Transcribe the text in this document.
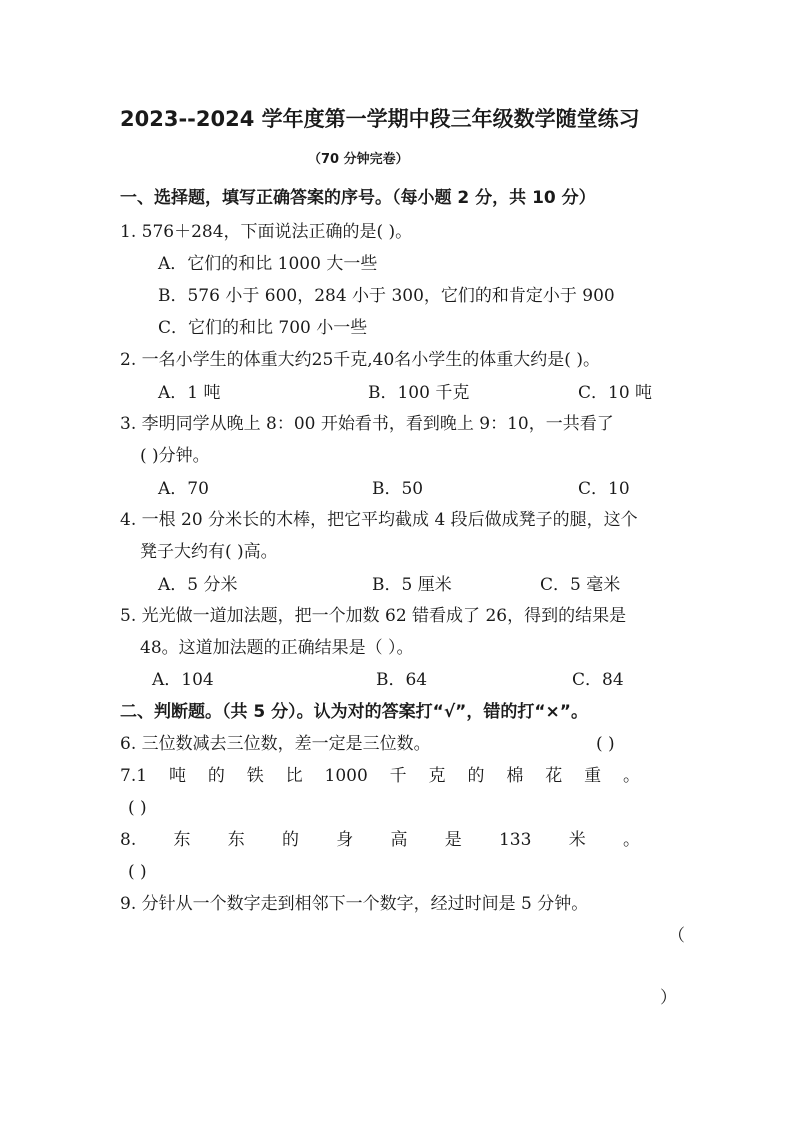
2023--2024 学年度第一学期中段三年级数学随堂练习
（70 分钟完卷）
一、选择题，填写正确答案的序号。（每小题 2 分，共 10 分）
1. 576＋284，下面说法正确的是( )。
A．它们的和比 1000 大一些
B．576 小于 600，284 小于 300，它们的和肯定小于 900
C．它们的和比 700 小一些
2. 一名小学生的体重大约25千克,40名小学生的体重大约是( )。
A．1 吨	B．100 千克	C．10 吨
3. 李明同学从晚上 8：00 开始看书，看到晚上 9：10，一共看了
( )分钟。
A．70	B．50	C．10
4. 一根 20 分米长的木棒，把它平均截成 4 段后做成凳子的腿，这个
凳子大约有( )高。
A．5 分米	B．5 厘米	C．5 毫米
5. 光光做一道加法题，把一个加数 62 错看成了 26，得到的结果是
48。这道加法题的正确结果是（ ）。
A．104	B．64	C．84
二、判断题。（共 5 分）。认为对的答案打“√”，错的打“×”。
6. 三位数减去三位数，差一定是三位数。	( )
7.1 吨 的 铁 比 1000 千 克 的 棉 花 重 。
( )
8. 东 东 的 身 高 是 133 米 。
( )
9. 分针从一个数字走到相邻下一个数字，经过时间是 5 分钟。
（
）
